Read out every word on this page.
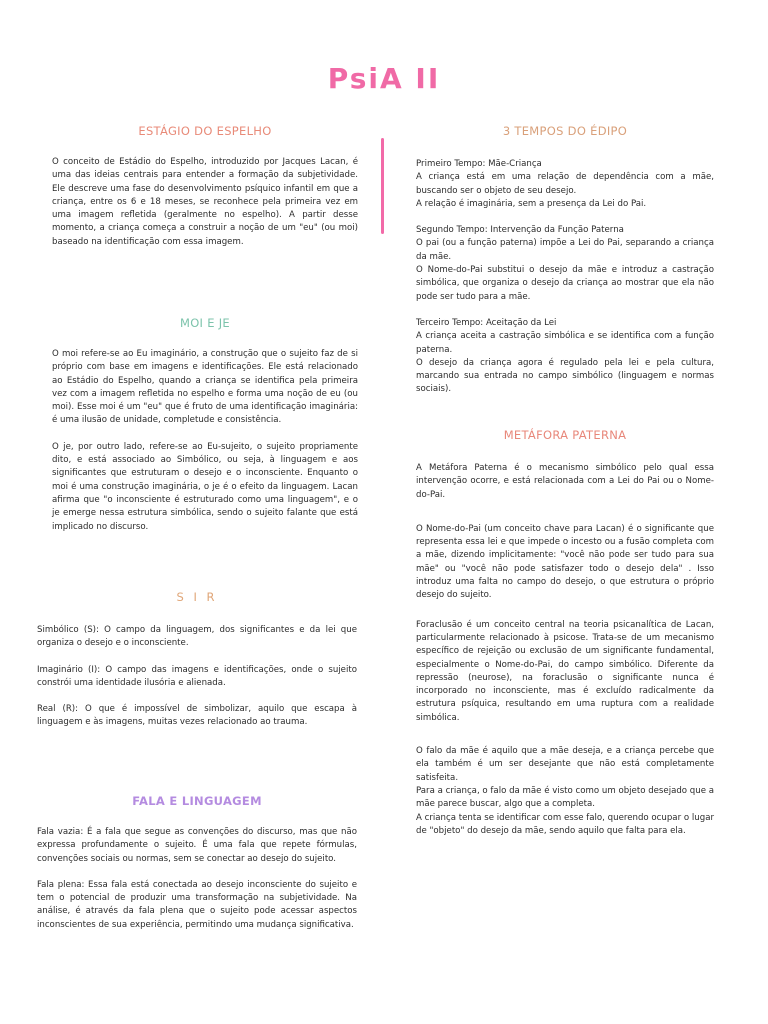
PsiA II
ESTÁGIO DO ESPELHO

O conceito de Estádio do Espelho, introduzido por Jacques Lacan, é uma das ideias centrais para entender a formação da subjetividade. Ele descreve uma fase do desenvolvimento psíquico infantil em que a criança, entre os 6 e 18 meses, se reconhece pela primeira vez em uma imagem refletida (geralmente no espelho). A partir desse momento, a criança começa a construir a noção de um "eu" (ou moi) baseado na identificação com essa imagem.

MOI E JE

O moi refere-se ao Eu imaginário, a construção que o sujeito faz de si próprio com base em imagens e identificações. Ele está relacionado ao Estádio do Espelho, quando a criança se identifica pela primeira vez com a imagem refletida no espelho e forma uma noção de eu (ou moi). Esse moi é um "eu" que é fruto de uma identificação imaginária: é uma ilusão de unidade, completude e consistência.

O je, por outro lado, refere-se ao Eu-sujeito, o sujeito propriamente dito, e está associado ao Simbólico, ou seja, à linguagem e aos significantes que estruturam o desejo e o inconsciente. Enquanto o moi é uma construção imaginária, o je é o efeito da linguagem. Lacan afirma que "o inconsciente é estruturado como uma linguagem", e o je emerge nessa estrutura simbólica, sendo o sujeito falante que está implicado no discurso.

S I R

Simbólico (S): O campo da linguagem, dos significantes e da lei que organiza o desejo e o inconsciente.

Imaginário (I): O campo das imagens e identificações, onde o sujeito constrói uma identidade ilusória e alienada.

Real (R): O que é impossível de simbolizar, aquilo que escapa à linguagem e às imagens, muitas vezes relacionado ao trauma.

FALA E LINGUAGEM

Fala vazia: É a fala que segue as convenções do discurso, mas que não expressa profundamente o sujeito. É uma fala que repete fórmulas, convenções sociais ou normas, sem se conectar ao desejo do sujeito.

Fala plena: Essa fala está conectada ao desejo inconsciente do sujeito e tem o potencial de produzir uma transformação na subjetividade. Na análise, é através da fala plena que o sujeito pode acessar aspectos inconscientes de sua experiência, permitindo uma mudança significativa.

3 TEMPOS DO ÉDIPO

Primeiro Tempo: Mãe-Criança
A criança está em uma relação de dependência com a mãe, buscando ser o objeto de seu desejo.
A relação é imaginária, sem a presença da Lei do Pai.

Segundo Tempo: Intervenção da Função Paterna
O pai (ou a função paterna) impõe a Lei do Pai, separando a criança da mãe.
O Nome-do-Pai substitui o desejo da mãe e introduz a castração simbólica, que organiza o desejo da criança ao mostrar que ela não pode ser tudo para a mãe.

Terceiro Tempo: Aceitação da Lei
A criança aceita a castração simbólica e se identifica com a função paterna.
O desejo da criança agora é regulado pela lei e pela cultura, marcando sua entrada no campo simbólico (linguagem e normas sociais).

METÁFORA PATERNA

A Metáfora Paterna é o mecanismo simbólico pelo qual essa intervenção ocorre, e está relacionada com a Lei do Pai ou o Nome-do-Pai.

O Nome-do-Pai (um conceito chave para Lacan) é o significante que representa essa lei e que impede o incesto ou a fusão completa com a mãe, dizendo implicitamente: "você não pode ser tudo para sua mãe" ou "você não pode satisfazer todo o desejo dela" . Isso introduz uma falta no campo do desejo, o que estrutura o próprio desejo do sujeito.

Foraclusão é um conceito central na teoria psicanalítica de Lacan, particularmente relacionado à psicose. Trata-se de um mecanismo específico de rejeição ou exclusão de um significante fundamental, especialmente o Nome-do-Pai, do campo simbólico. Diferente da repressão (neurose), na foraclusão o significante nunca é incorporado no inconsciente, mas é excluído radicalmente da estrutura psíquica, resultando em uma ruptura com a realidade simbólica.

O falo da mãe é aquilo que a mãe deseja, e a criança percebe que ela também é um ser desejante que não está completamente satisfeita.
Para a criança, o falo da mãe é visto como um objeto desejado que a mãe parece buscar, algo que a completa.
A criança tenta se identificar com esse falo, querendo ocupar o lugar de "objeto" do desejo da mãe, sendo aquilo que falta para ela.
